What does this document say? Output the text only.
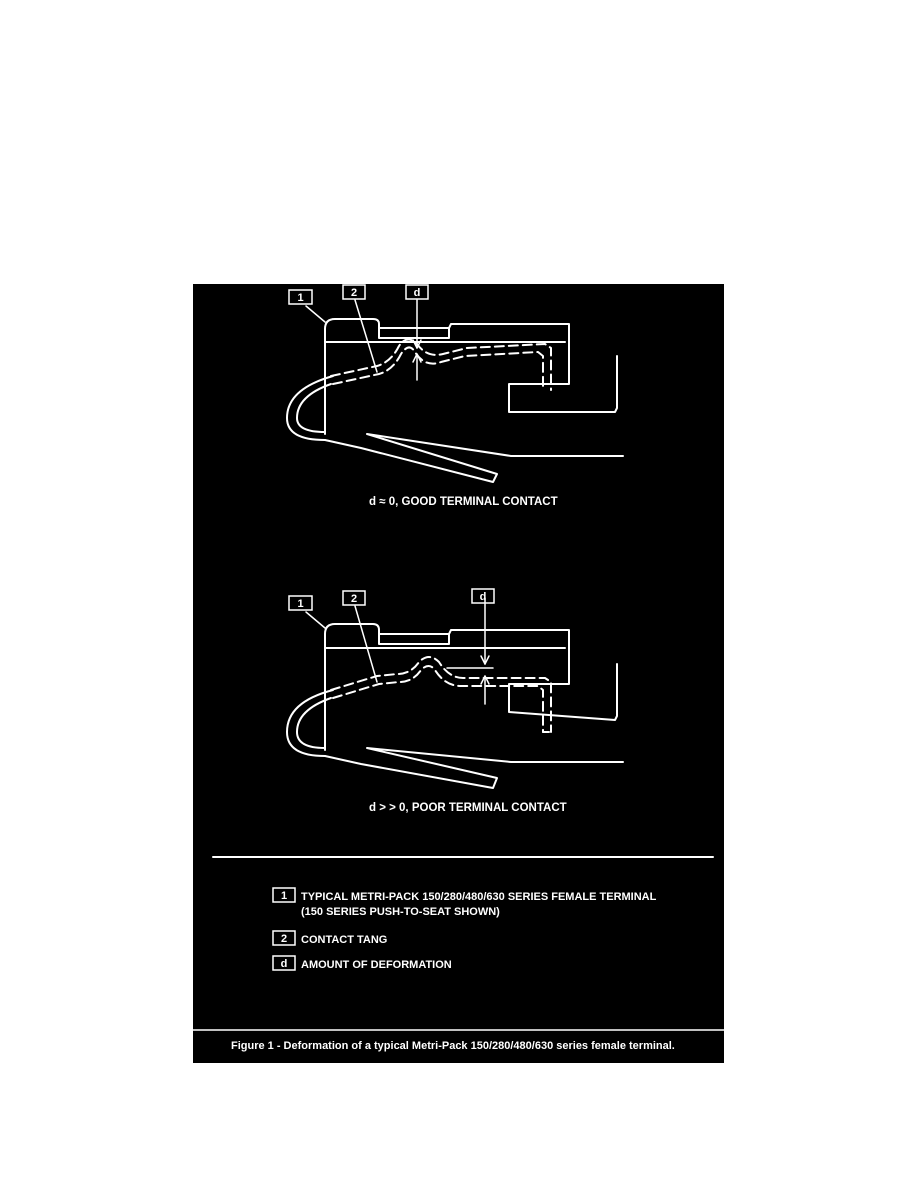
1	2	d
1	2	d
d ≈ 0, GOOD TERMINAL CONTACT
d > > 0, POOR TERMINAL CONTACT
1 TYPICAL METRI-PACK 150/280/480/630 SERIES FEMALE TERMINAL
(150 SERIES PUSH-TO-SEAT SHOWN)
2 CONTACT TANG
d AMOUNT OF DEFORMATION
Figure 1 - Deformation of a typical Metri-Pack 150/280/480/630 series female terminal.
